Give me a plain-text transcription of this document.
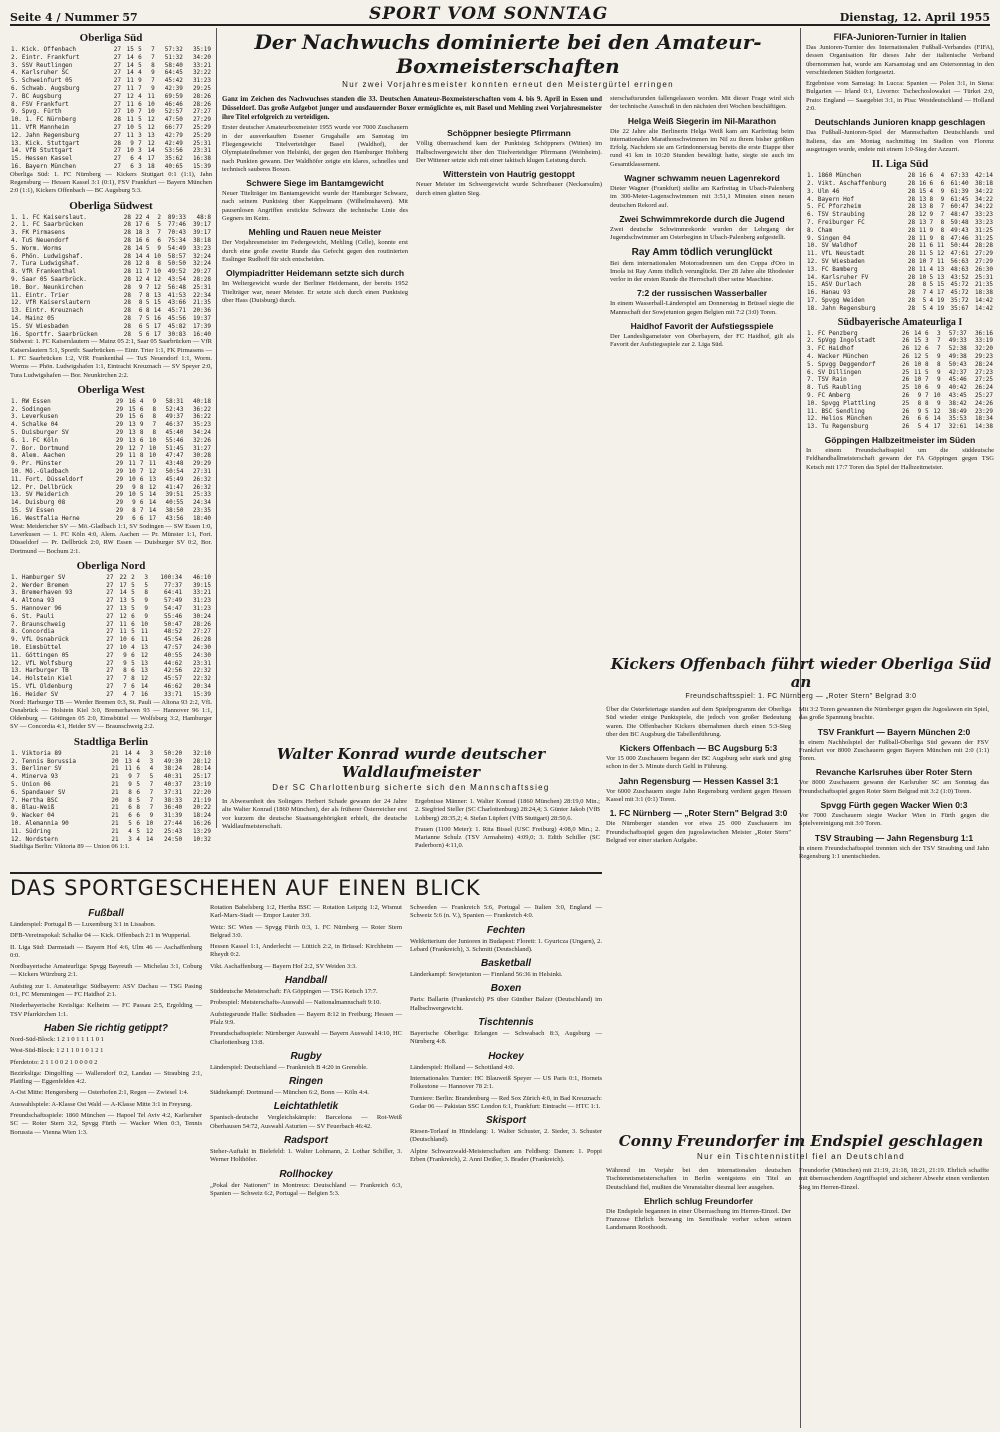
Seite 4 / Nummer 57	SPORT VOM SONNTAG	Dienstag, 12. April 1955
Oberliga Süd
1. Kick. Offenbach	27	15	5	7	57:32	35:19
2. Eintr. Frankfurt	27	14	6	7	51:32	34:20
3. SSV Reutlingen	27	14	5	8	58:40	33:21
4. Karlsruher SC	27	14	4	9	64:45	32:22
5. Schweinfurt 05	27	11	9	7	45:42	31:23
6. Schwab. Augsburg	27	11	7	9	42:39	29:25
7. BC Augsburg	27	12	4	11	69:59	28:26
8. FSV Frankfurt	27	11	6	10	46:46	28:26
9. Spvg. Fürth	27	10	7	10	52:57	27:27
10. 1. FC Nürnberg	28	11	5	12	47:50	27:29
11. VfR Mannheim	27	10	5	12	66:77	25:29
12. Jahn Regensburg	27	11	3	13	42:79	25:29
13. Kick. Stuttgart	28	9	7	12	42:49	25:31
14. VfB Stuttgart	27	10	3	14	53:56	23:31
15. Hessen Kassel	27	6	4	17	35:62	16:38
16. Bayern München	27	6	3	18	40:65	15:39

Oberliga Süd: 1. FC Nürnberg — Kickers Stuttgart 0:1 (1:1), Jahn Regensburg — Hessen Kassel 3:1 (0:1), FSV Frankfurt — Bayern München 2:0 (1:1), Kickers Offenbach — BC Augsburg 5:3.

Oberliga Südwest
1. 1. FC Kaiserslaut.	28	22	4	2	89:33	48:8
2. 1. FC Saarbrücken	28	17	6	5	77:46	39:17
3. FK Pirmasens	28	18	3	7	70:43	39:17
4. TuS Neuendorf	28	16	6	6	75:34	38:18
5. Worm. Worms	28	14	5	9	54:49	33:23
6. Phön. Ludwigshaf.	28	14	4	10	58:57	32:24
7. Tura Ludwigshaf.	28	12	8	8	50:50	32:24
8. VfR Frankenthal	28	11	7	10	49:52	29:27
9. Saar 05 Saarbrück.	28	12	4	12	43:54	28:28
10. Bor. Neunkirchen	28	9	7	12	56:48	25:31
11. Eintr. Trier	28	7	8	13	41:53	22:34
12. VfR Kaiserslautern	28	8	5	15	43:66	21:35
13. Eintr. Kreuznach	28	6	8	14	45:71	20:36
14. Mainz 05	28	7	5	16	45:56	19:37
15. SV Wiesbaden	28	6	5	17	45:82	17:39
16. Sportfr. Saarbrücken	28	5	6	17	30:83	16:40

Südwest: 1. FC Kaiserslautern — Mainz 05 2:1, Saar 05 Saarbrücken — VfR Kaiserslautern 5:1, Sportfr. Saarbrücken — Eintr. Trier 1:1, FK Pirmasens — 1. FC Saarbrücken 1:2, VfR Frankenthal — TuS Neuendorf 1:1, Worm. Worms — Phön. Ludwigshafen 1:1, Eintracht Kreuznach — SV Speyer 2:0, Tura Ludwigshafen — Bor. Neunkirchen 2:2.

Oberliga West
1. RW Essen	29	16	4	9	58:31	40:18
2. Sodingen	29	15	6	8	52:43	36:22
3. Leverkusen	29	15	6	8	49:37	36:22
4. Schalke 04	29	13	9	7	46:37	35:23
5. Duisburger SV	29	13	8	8	45:40	34:24
6. 1. FC Köln	29	13	6	10	55:46	32:26
7. Bor. Dortmund	29	12	7	10	51:45	31:27
8. Alem. Aachen	29	11	8	10	47:47	30:28
9. Pr. Münster	29	11	7	11	43:48	29:29
10. Mö.-Gladbach	29	10	7	12	50:54	27:31
11. Fort. Düsseldorf	29	10	6	13	45:49	26:32
12. Pr. Dellbrück	29	9	8	12	41:47	26:32
13. SV Meiderich	29	10	5	14	39:51	25:33
14. Duisburg 08	29	9	6	14	40:55	24:34
15. SV Essen	29	8	7	14	38:50	23:35
16. Westfalia Herne	29	6	6	17	43:56	18:40

West: Meidericher SV — Mö.-Gladbach 1:1, SV Sodingen — SW Essen 1:0, Leverkusen — 1. FC Köln 4:0, Alem. Aachen — Pr. Münster 1:1, Fort. Düsseldorf — Pr. Dellbrück 2:0, RW Essen — Duisburger SV 0:2, Bor. Dortmund — Bochum 2:1.

Oberliga Nord
1. Hamburger SV	27	22	2	3	100:34	46:10
2. Werder Bremen	27	17	5	5	77:37	39:15
3. Bremerhaven 93	27	14	5	8	64:41	33:21
4. Altona 93	27	13	5	9	57:49	31:23
5. Hannover 96	27	13	5	9	54:47	31:23
6. St. Pauli	27	12	6	9	55:46	30:24
7. Braunschweig	27	11	6	10	50:47	28:26
8. Concordia	27	11	5	11	48:52	27:27
9. VfL Osnabrück	27	10	6	11	45:54	26:28
10. Eimsbüttel	27	10	4	13	47:57	24:30
11. Göttingen 05	27	9	6	12	40:55	24:30
12. VfL Wolfsburg	27	9	5	13	44:62	23:31
13. Harburger TB	27	8	6	13	42:56	22:32
14. Holstein Kiel	27	7	8	12	45:57	22:32
15. VfL Oldenburg	27	7	6	14	46:62	20:34
16. Heider SV	27	4	7	16	33:71	15:39

Nord: Harburger TB — Werder Bremen 0:3, St. Pauli — Altona 93 2:2, VfL Osnabrück — Holstein Kiel 3:0, Bremerhaven 93 — Hannover 96 1:1, Oldenburg — Göttingen 05 2:0, Eimsbüttel — Wolfsburg 3:2, Hamburger SV — Concordia 4:1, Heider SV — Braunschweig 2:2.

Stadtliga Berlin
1. Viktoria 89	21	14	4	3	50:20	32:10
2. Tennis Borussia	20	13	4	3	49:30	28:12
3. Berliner SV	21	11	6	4	38:24	28:14
4. Minerva 93	21	9	7	5	40:31	25:17
5. Union 06	21	9	5	7	40:37	23:19
6. Spandauer SV	21	8	6	7	37:31	22:20
7. Hertha BSC	20	8	5	7	38:33	21:19
8. Blau-Weiß	21	6	8	7	36:40	20:22
9. Wacker 04	21	6	6	9	31:39	18:24
10. Alemannia 90	21	5	6	10	27:44	16:26
11. Südring	21	4	5	12	25:43	13:29
12. Nordstern	21	3	4	14	24:50	10:32

Stadtliga Berlin: Viktoria 89 — Union 06 1:1.

Der Nachwuchs dominierte bei den Amateur-Boxmeisterschaften
Nur zwei Vorjahresmeister konnten erneut den Meistergürtel erringen

Ganz im Zeichen des Nachwuchses standen die 33. Deutschen Amateur-Boxmeisterschaften vom 4. bis 9. April in Essen und Düsseldorf. Das große Aufgebot junger und ausdauernder Boxer ermöglichte es, mit Basel und Mehling zwei Vorjahresmeister ihre Titel erfolgreich zu verteidigen.

Erster deutscher Amateurboxmeister 1955 wurde vor 7000 Zuschauern in der ausverkauften Essener Grugahalle am Samstag im Fliegengewicht Titelverteidiger Basel (Waldhof), der Olympiateilnehmer von Helsinki, der gegen den Hamburger Hohberg nach Punkten gewann. Der Waldhöfer zeigte ein klares, schnelles und technisch sauberes Boxen.

Schwere Siege im Bantamgewicht

Neuer Titelträger im Bantamgewicht wurde der Hamburger Schwarz, nach seinem Punktsieg über Kappelmann (Wilhelmshaven). Mit pausenlosen Angriffen erstickte Schwarz die technische Linie des Gegners im Keim.

Mehling und Rauen neue Meister

Der Vorjahresmeister im Federgewicht, Mehling (Celle), konnte erst durch eine große zweite Runde das Gefecht gegen den routinierten Esslinger Rudhoff für sich entscheiden.

Olympiadritter Heidemann setzte sich durch

Im Weltergewicht wurde der Berliner Heidemann, der bereits 1952 Titelträger war, neuer Meister. Er setzte sich durch einen Punktsieg über Hass (Duisburg) durch.

Schöppner besiegte Pfirrmann

Völlig überraschend kam der Punktsieg Schöppners (Witten) im Halbschwergewicht über den Titelverteidiger Pfirrmann (Weinheim). Der Wittener setzte sich mit einer taktisch klugen Leistung durch.

Witterstein von Hautrig gestoppt

Neuer Meister im Schwergewicht wurde Schreibauer (Neckarsulm) durch einen glatten Sieg.

sterschaftsrunden fallengelassen worden. Mit dieser Frage wird sich der technische Ausschuß in den nächsten drei Wochen beschäftigen.

Helga Weiß Siegerin im Nil-Marathon

Die 22 Jahre alte Berlinerin Helga Weiß kam am Karfreitag beim internationalen Marathonschwimmen im Nil zu ihrem bisher größten Erfolg. Nachdem sie am Gründonnerstag bereits die erste Etappe über rund 41 km in 10:20 Stunden bewältigt hatte, siegte sie auch im Gesamtklassement.

Wagner schwamm neuen Lagenrekord

Dieter Wagner (Frankfurt) stellte am Karfreitag in Ubach-Palenberg im 300-Meter-Lagenschwimmen mit 3:51,1 Minuten einen neuen deutschen Rekord auf.

Zwei Schwimmrekorde durch die Jugend

Zwei deutsche Schwimmrekorde wurden der Lehrgang der Jugendschwimmer am Osterbeginn in Ubach-Palenberg aufgestellt.

Ray Amm tödlich verunglückt

Bei dem internationalen Motorradrennen um den Coppa d'Oro in Imola ist Ray Amm tödlich verunglückt. Der 28 Jahre alte Rhodesier verlor in der ersten Runde die Herrschaft über seine Maschine.

7:2 der russischen Wasserballer

In einem Wasserball-Länderspiel am Donnerstag in Brüssel siegte die Mannschaft der Sowjetunion gegen Belgien mit 7:2 (3:0) Toren.

Haidhof Favorit der Aufstiegsspiele

Der Landesligameister von Oberbayern, der FC Haidhof, gilt als Favorit der Aufstiegsspiele zur 2. Liga Süd.

Walter Konrad wurde deutscher Waldlaufmeister
Der SC Charlottenburg sicherte sich den Mannschaftssieg

In Abwesenheit des Solingers Herbert Schade gewann der 24 Jahre alte Walter Konrad (1860 München), der als früherer Österreicher erst vor kurzem die deutsche Staatsangehörigkeit erhielt, die deutsche Waldlaufmeisterschaft.

Ergebnisse Männer: 1. Walter Konrad (1860 München) 28:19,0 Min.; 2. Siegfried Steller (SC Charlottenburg) 28:24,4; 3. Günter Jakob (VfB Lohberg) 28:35,2; 4. Stefan Lüpfert (VfB Stuttgart) 28:50,6.

Frauen (1100 Meter): 1. Rita Bissel (USC Freiburg) 4:08,0 Min.; 2. Marianne Schulz (TSV Armaheim) 4:09,0; 3. Edith Schiller (SC Paderborn) 4:11,0.

Kickers Offenbach führt wieder Oberliga Süd an
Freundschaftsspiel: 1. FC Nürnberg — „Roter Stern" Belgrad 3:0

Über die Osterfeiertage standen auf dem Spielprogramm der Oberliga Süd wieder einige Punktspiele, die jedoch von großer Bedeutung waren. Die Offenbacher Kickers übernahmen durch einen 5:3-Sieg über den BC Augsburg die Tabellenführung.

Kickers Offenbach — BC Augsburg 5:3

Vor 15 000 Zuschauern begann der BC Augsburg sehr stark und ging schon in der 3. Minute durch Geltl in Führung.

Jahn Regensburg — Hessen Kassel 3:1

Vor 6000 Zuschauern siegte Jahn Regensburg verdient gegen Hessen Kassel mit 3:1 (0:1) Toren.

1. FC Nürnberg — „Roter Stern" Belgrad 3:0

Die Nürnberger standen vor etwa 25 000 Zuschauern im Freundschaftsspiel gegen den jugoslawischen Meister „Roter Stern" Belgrad vor einer starken Aufgabe.

Mit 3:2 Toren gewannen die Nürnberger gegen die Jugoslawen ein Spiel, das große Spannung brachte.

TSV Frankfurt — Bayern München 2:0

In einem Nachholspiel der Fußball-Oberliga Süd gewann der FSV Frankfurt vor 8000 Zuschauern gegen Bayern München mit 2:0 (1:1) Toren.

Revanche Karlsruhes über Roter Stern

Vor 8000 Zuschauern gewann der Karlsruher SC am Sonntag das Freundschaftsspiel gegen Roter Stern Belgrad mit 3:2 (1:0) Toren.

Spvgg Fürth gegen Wacker Wien 0:3

Vor 7000 Zuschauern siegte Wacker Wien in Fürth gegen die Spielvereinigung mit 3:0 Toren.

TSV Straubing — Jahn Regensburg 1:1

In einem Freundschaftsspiel trennten sich der TSV Straubing und Jahn Regensburg 1:1 unentschieden.

FIFA-Junioren-Turnier in Italien

Das Junioren-Turnier des Internationalen Fußball-Verbandes (FIFA), dessen Organisation für dieses Jahr der italienische Verband übernommen hat, wurde am Karsamstag und am Ostersonntag in den verschiedenen Städten fortgesetzt.

Ergebnisse vom Samstag: In Lucca: Spanien — Polen 3:1, in Siena: Bulgarien — Irland 0:1, Livorno: Tschechoslowakei — Türkei 2:0, Prato: England — Saargebiet 3:1, in Pisa: Westdeutschland — Holland 2:0.

Deutschlands Junioren knapp geschlagen

Das Fußball-Junioren-Spiel der Mannschaften Deutschlands und Italiens, das am Montag nachmittag im Stadion von Florenz ausgetragen wurde, endete mit einem 1:0-Sieg der Azzurri.

II. Liga Süd
1. 1860 München	28	16	6	4	67:33	42:14
2. Vikt. Aschaffenburg	28	16	6	6	61:40	38:18
3. Ulm 46	28	15	4	9	61:39	34:22
4. Bayern Hof	28	13	8	9	61:45	34:22
5. FC Pforzheim	28	13	8	7	60:47	34:22
6. TSV Straubing	28	12	9	7	48:47	33:23
7. Freiburger FC	28	13	7	8	59:48	33:23
8. Cham	28	11	9	8	49:43	31:25
9. Singen 04	28	11	9	8	47:46	31:25
10. SV Waldhof	28	11	6	11	50:44	28:28
11. VfL Neustadt	28	11	5	12	47:61	27:29
12. SV Wiesbaden	28	10	7	11	56:63	27:29
13. FC Bamberg	28	11	4	13	48:63	26:30
14. Karlsruher FV	28	10	5	13	43:52	25:31
15. ASV Durlach	28	8	5	15	45:72	21:35
16. Hanau 93	28	7	4	17	45:72	18:38
17. Spvgg Weiden	28	5	4	19	35:72	14:42
18. Jahn Regensburg	28	5	4	19	35:67	14:42
Südbayerische Amateurliga I
1. FC Penzberg	26	14	6	3	57:37	36:16
2. SpVgg Ingolstadt	26	15	3	7	49:33	33:19
3. FC Haidhof	26	12	6	7	52:38	32:20
4. Wacker München	26	12	5	9	49:38	29:23
5. Spvgg Deggendorf	26	10	8	8	50:43	28:24
6. SV Dillingen	25	11	5	9	42:37	27:23
7. TSV Rain	26	10	7	9	45:46	27:25
8. TuS Raubling	25	10	6	9	40:42	26:24
9. FC Amberg	26	9	7	10	43:45	25:27
10. Spvgg Plattling	25	8	8	9	38:42	24:26
11. BSC Sendling	26	9	5	12	38:49	23:29
12. Helios München	26	6	6	14	35:53	18:34
13. Tu Regensburg	26	5	4	17	32:61	14:38
Göppingen Halbzeitmeister im Süden

In einem Freundschaftsspiel um die süddeutsche Feldhandballmeisterschaft gewann der FA Göppingen gegen TSG Ketsch mit 17:7 Toren das Spiel der Halbzeitmeister.

DAS SPORTGESCHEHEN AUF EINEN BLICK
Fußball

Länderspiel: Portugal B — Luxemburg 3:1 in Lissabon.

DFB-Vereinspokal: Schalke 04 — Kick. Offenbach 2:1 in Wuppertal.

II. Liga Süd: Darmstadt — Bayern Hof 4:6, Ulm 46 — Aschaffenburg 0:0.

Nordbayerische Amateurliga: Spvgg Bayreuth — Michelau 3:1, Coburg — Kickers Würzburg 2:1.

Aufstieg zur 1. Amateurliga: Südbayern: ASV Dachau — TSG Pasing 0:1, FC Memmingen — FC Haidhof 2:1.

Niederbayerische Kreisliga: Kelheim — FC Passau 2:5, Ergolding — TSV Pfarrkirchen 1:1.

Haben Sie richtig getippt?

Nord-Süd-Block: 1 2 1 0 1 1 1 1 0 1

West-Süd-Block: 1 2 1 1 0 1 0 1 2 1

Pferdetoto: 2 1 1 0 0 2 1 0 0 0 0 2

Bezirksliga: Dingolfing — Wallersdorf 0:2, Landau — Straubing 2:1, Plattling — Eggenfelden 4:2.

A-Ost Mitte: Hengersberg — Osterhofen 2:1, Regen — Zwiesel 1:4.

Auswahlspiele: A-Klasse Ost Wald — A-Klasse Mitte 3:1 in Freyung.

Freundschaftsspiele: 1860 München — Hapoel Tel Aviv 4:2, Karlsruher SC — Roter Stern 3:2, Spvgg Fürth — Wacker Wien 0:3, Tennis Borussia — Vienna Wien 1:3.

Rotation Babelsberg 1:2, Hertha BSC — Rotation Leipzig 1:2, Wismut Karl-Marx-Stadt — Empor Lauter 3:0.

Weiz: SC Wien — Spvgg Fürth 0:3, 1. FC Nürnberg — Roter Stern Belgrad 3:0.

Hessen Kassel 1:1, Anderlecht — Lüttich 2:2, in Brüssel: Kirchheim — Rheydt 0:2.

Vikt. Aschaffenburg — Bayern Hof 2:2, SV Weiden 3:3.

Handball

Süddeutsche Meisterschaft: FA Göppingen — TSG Ketsch 17:7.

Probespiel: Meisterschafts-Auswahl — Nationalmannschaft 9:10.

Aufstiegsrunde Halle: Südbaden — Bayern 8:12 in Freiburg; Hessen — Pfalz 9:9.

Freundschaftsspiele: Nürnberger Auswahl — Bayern Auswahl 14:10, HC Charlottenburg 13:8.

Rugby

Länderspiel: Deutschland — Frankreich B 4:20 in Grenoble.

Ringen

Städtekampf: Dortmund — München 6:2, Bonn — Köln 4:4.

Leichtathletik

Spanisch-deutsche Vergleichskämpfe: Barcelona — Rot-Weiß Oberhausen 54:72, Auswahl Asturien — SV Feuerbach 46:42.

Radsport

Steher-Auftakt in Bielefeld: 1. Walter Lohmann, 2. Lothar Schiller, 3. Werner Holthöfer.

Rollhockey

„Pokal der Nationen" in Montreux: Deutschland — Frankreich 6:3, Spanien — Schweiz 6:2, Portugal — Belgien 5:3.

Schweden — Frankreich 5:6, Portugal — Italien 3:0, England — Schweiz 5:6 (n. V.), Spanien — Frankreich 4:0.

Fechten

Weltkriterium der Junioren in Budapest: Florett: 1. Gyuricza (Ungarn), 2. Lebard (Frankreich), 3. Schmitt (Deutschland).

Basketball

Länderkampf: Sowjetunion — Finnland 56:36 in Helsinki.

Boxen

Paris: Ballarin (Frankreich) PS über Günther Balzer (Deutschland) im Halbschwergewicht.

Tischtennis

Bayerische Oberliga: Erlangen — Schwabach 8:3, Augsburg — Nürnberg 4:8.

Hockey

Länderspiel: Holland — Schottland 4:0.

Internationales Turnier: HC Blauweiß Speyer — US Paris 0:1, Hornets Folkestone — Hannover 78 2:1.

Turniere: Berlin: Brandenburg — Red Sox Zürich 4:0, in Bad Kreuznach: Godar 06 — Pakistan SSC London 6:1, Frankfurt: Eintracht — HTC 1:1.

Skisport

Riesen-Torlauf in Hindelang: 1. Walter Schuster, 2. Sieder, 3. Schuster (Deutschland).

Alpine Schwarzwald-Meisterschaften am Feldberg: Damen: 1. Poppi Erben (Frankreich), 2. Anni Deißer, 3. Brader (Frankreich).

Conny Freundorfer im Endspiel geschlagen
Nur ein Tischtennistitel fiel an Deutschland

Während im Vorjahr bei den internationalen deutschen Tischtennismeisterschaften in Berlin wenigstens ein Titel an Deutschland fiel, mußten die Veranstalter diesmal leer ausgehen.

Ehrlich schlug Freundorfer

Die Endspiele begannen in einer Überraschung im Herren-Einzel. Der Franzose Ehrlich bezwang im Semifinale vorher schon seinen Landsmann Roothoodt.

Freundorfer (München) mit 21:19, 21:18, 18:21, 21:19. Ehrlich schaffte mit überraschendem Angriffsspiel und sicherer Abwehr einen verdienten Sieg im Herren-Einzel.
